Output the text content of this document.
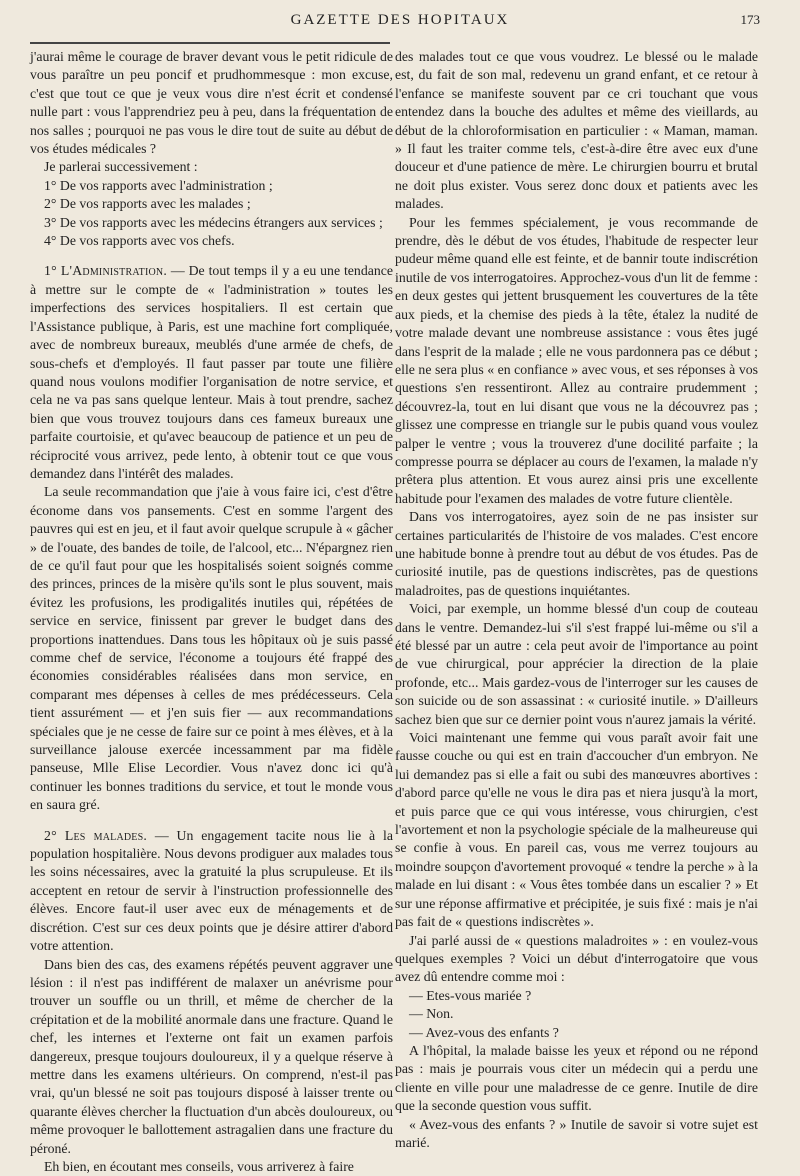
GAZETTE DES HOPITAUX	173

j'aurai même le courage de braver devant vous le petit ridicule de vous paraître un peu poncif et prudhommesque : mon excuse, c'est que tout ce que je veux vous dire n'est écrit et condensé nulle part : vous l'apprendriez peu à peu, dans la fréquentation de nos salles ; pourquoi ne pas vous le dire tout de suite au début de vos études médicales ?

Je parlerai successivement :

1° De vos rapports avec l'administration ;

2° De vos rapports avec les malades ;

3° De vos rapports avec les médecins étrangers aux services ;

4° De vos rapports avec vos chefs.

1° L'Administration. — De tout temps il y a eu une tendance à mettre sur le compte de « l'administration » toutes les imperfections des services hospitaliers. Il est certain que l'Assistance publique, à Paris, est une machine fort compliquée, avec de nombreux bureaux, meublés d'une armée de chefs, de sous-chefs et d'employés. Il faut passer par toute une filière quand nous voulons modifier l'organisation de notre service, et cela ne va pas sans quelque lenteur. Mais à tout prendre, sachez bien que vous trouvez toujours dans ces fameux bureaux une parfaite courtoisie, et qu'avec beaucoup de patience et un peu de réciprocité vous arrivez, pede lento, à obtenir tout ce que vous demandez dans l'intérêt des malades.

La seule recommandation que j'aie à vous faire ici, c'est d'être économe dans vos pansements. C'est en somme l'argent des pauvres qui est en jeu, et il faut avoir quelque scrupule à « gâcher » de l'ouate, des bandes de toile, de l'alcool, etc... N'épargnez rien de ce qu'il faut pour que les hospitalisés soient soignés comme des princes, princes de la misère qu'ils sont le plus souvent, mais évitez les profusions, les prodigalités inutiles qui, répétées de service en service, finissent par grever le budget dans des proportions inattendues. Dans tous les hôpitaux où je suis passé comme chef de service, l'économe a toujours été frappé des économies considérables réalisées dans mon service, en comparant mes dépenses à celles de mes prédécesseurs. Cela tient assurément — et j'en suis fier — aux recommandations spéciales que je ne cesse de faire sur ce point à mes élèves, et à la surveillance jalouse exercée incessamment par ma fidèle panseuse, Mlle Elise Lecordier. Vous n'avez donc ici qu'à continuer les bonnes traditions du service, et tout le monde vous en saura gré.

2° Les malades. — Un engagement tacite nous lie à la population hospitalière. Nous devons prodiguer aux malades tous les soins nécessaires, avec la gratuité la plus scrupuleuse. Et ils acceptent en retour de servir à l'instruction professionnelle des élèves. Encore faut-il user avec eux de ménagements et de discrétion. C'est sur ces deux points que je désire attirer d'abord votre attention.

Dans bien des cas, des examens répétés peuvent aggraver une lésion : il n'est pas indifférent de malaxer un anévrisme pour trouver un souffle ou un thrill, et même de chercher de la crépitation et de la mobilité anormale dans une fracture. Quand le chef, les internes et l'externe ont fait un examen parfois dangereux, presque toujours douloureux, il y a quelque réserve à mettre dans les examens ultérieurs. On comprend, n'est-il pas vrai, qu'un blessé ne soit pas toujours disposé à laisser trente ou quarante élèves chercher la fluctuation d'un abcès douloureux, ou même provoquer le ballottement astragalien dans une fracture du péroné.

Eh bien, en écoutant mes conseils, vous arriverez à faire

des malades tout ce que vous voudrez. Le blessé ou le malade est, du fait de son mal, redevenu un grand enfant, et ce retour à l'enfance se manifeste souvent par ce cri touchant que vous entendez dans la bouche des adultes et même des vieillards, au début de la chloroformisation en particulier : « Maman, maman. » Il faut les traiter comme tels, c'est-à-dire être avec eux d'une douceur et d'une patience de mère. Le chirurgien bourru et brutal ne doit plus exister. Vous serez donc doux et patients avec les malades.

Pour les femmes spécialement, je vous recommande de prendre, dès le début de vos études, l'habitude de respecter leur pudeur même quand elle est feinte, et de bannir toute indiscrétion inutile de vos interrogatoires. Approchez-vous d'un lit de femme : en deux gestes qui jettent brusquement les couvertures de la tête aux pieds, et la chemise des pieds à la tête, étalez la nudité de votre malade devant une nombreuse assistance : vous êtes jugé dans l'esprit de la malade ; elle ne vous pardonnera pas ce début ; elle ne sera plus « en confiance » avec vous, et ses réponses à vos questions s'en ressentiront. Allez au contraire prudemment ; découvrez-la, tout en lui disant que vous ne la découvrez pas ; glissez une compresse en triangle sur le pubis quand vous voulez palper le ventre ; vous la trouverez d'une docilité parfaite ; la compresse pourra se déplacer au cours de l'examen, la malade n'y prêtera plus attention. Et vous aurez ainsi pris une excellente habitude pour l'examen des malades de votre future clientèle.

Dans vos interrogatoires, ayez soin de ne pas insister sur certaines particularités de l'histoire de vos malades. C'est encore une habitude bonne à prendre tout au début de vos études. Pas de curiosité inutile, pas de questions indiscrètes, pas de questions maladroites, pas de questions inquiétantes.

Voici, par exemple, un homme blessé d'un coup de couteau dans le ventre. Demandez-lui s'il s'est frappé lui-même ou s'il a été blessé par un autre : cela peut avoir de l'importance au point de vue chirurgical, pour apprécier la direction de la plaie profonde, etc... Mais gardez-vous de l'interroger sur les causes de son suicide ou de son assassinat : « curiosité inutile. » D'ailleurs sachez bien que sur ce dernier point vous n'aurez jamais la vérité.

Voici maintenant une femme qui vous paraît avoir fait une fausse couche ou qui est en train d'accoucher d'un embryon. Ne lui demandez pas si elle a fait ou subi des manœuvres abortives : d'abord parce qu'elle ne vous le dira pas et niera jusqu'à la mort, et puis parce que ce qui vous intéresse, vous chirurgien, c'est l'avortement et non la psychologie spéciale de la malheureuse qui se confie à vous. En pareil cas, vous me verrez toujours au moindre soupçon d'avortement provoqué « tendre la perche » à la malade en lui disant : « Vous êtes tombée dans un escalier ? » Et sur une réponse affirmative et précipitée, je suis fixé : mais je n'ai pas fait de « questions indiscrètes ».

J'ai parlé aussi de « questions maladroites » : en voulez-vous quelques exemples ? Voici un début d'interrogatoire que vous avez dû entendre comme moi :

— Etes-vous mariée ?

— Non.

— Avez-vous des enfants ?

A l'hôpital, la malade baisse les yeux et répond ou ne répond pas : mais je pourrais vous citer un médecin qui a perdu une cliente en ville pour une maladresse de ce genre. Inutile de dire que la seconde question vous suffit.

« Avez-vous des enfants ? » Inutile de savoir si votre sujet est marié.
